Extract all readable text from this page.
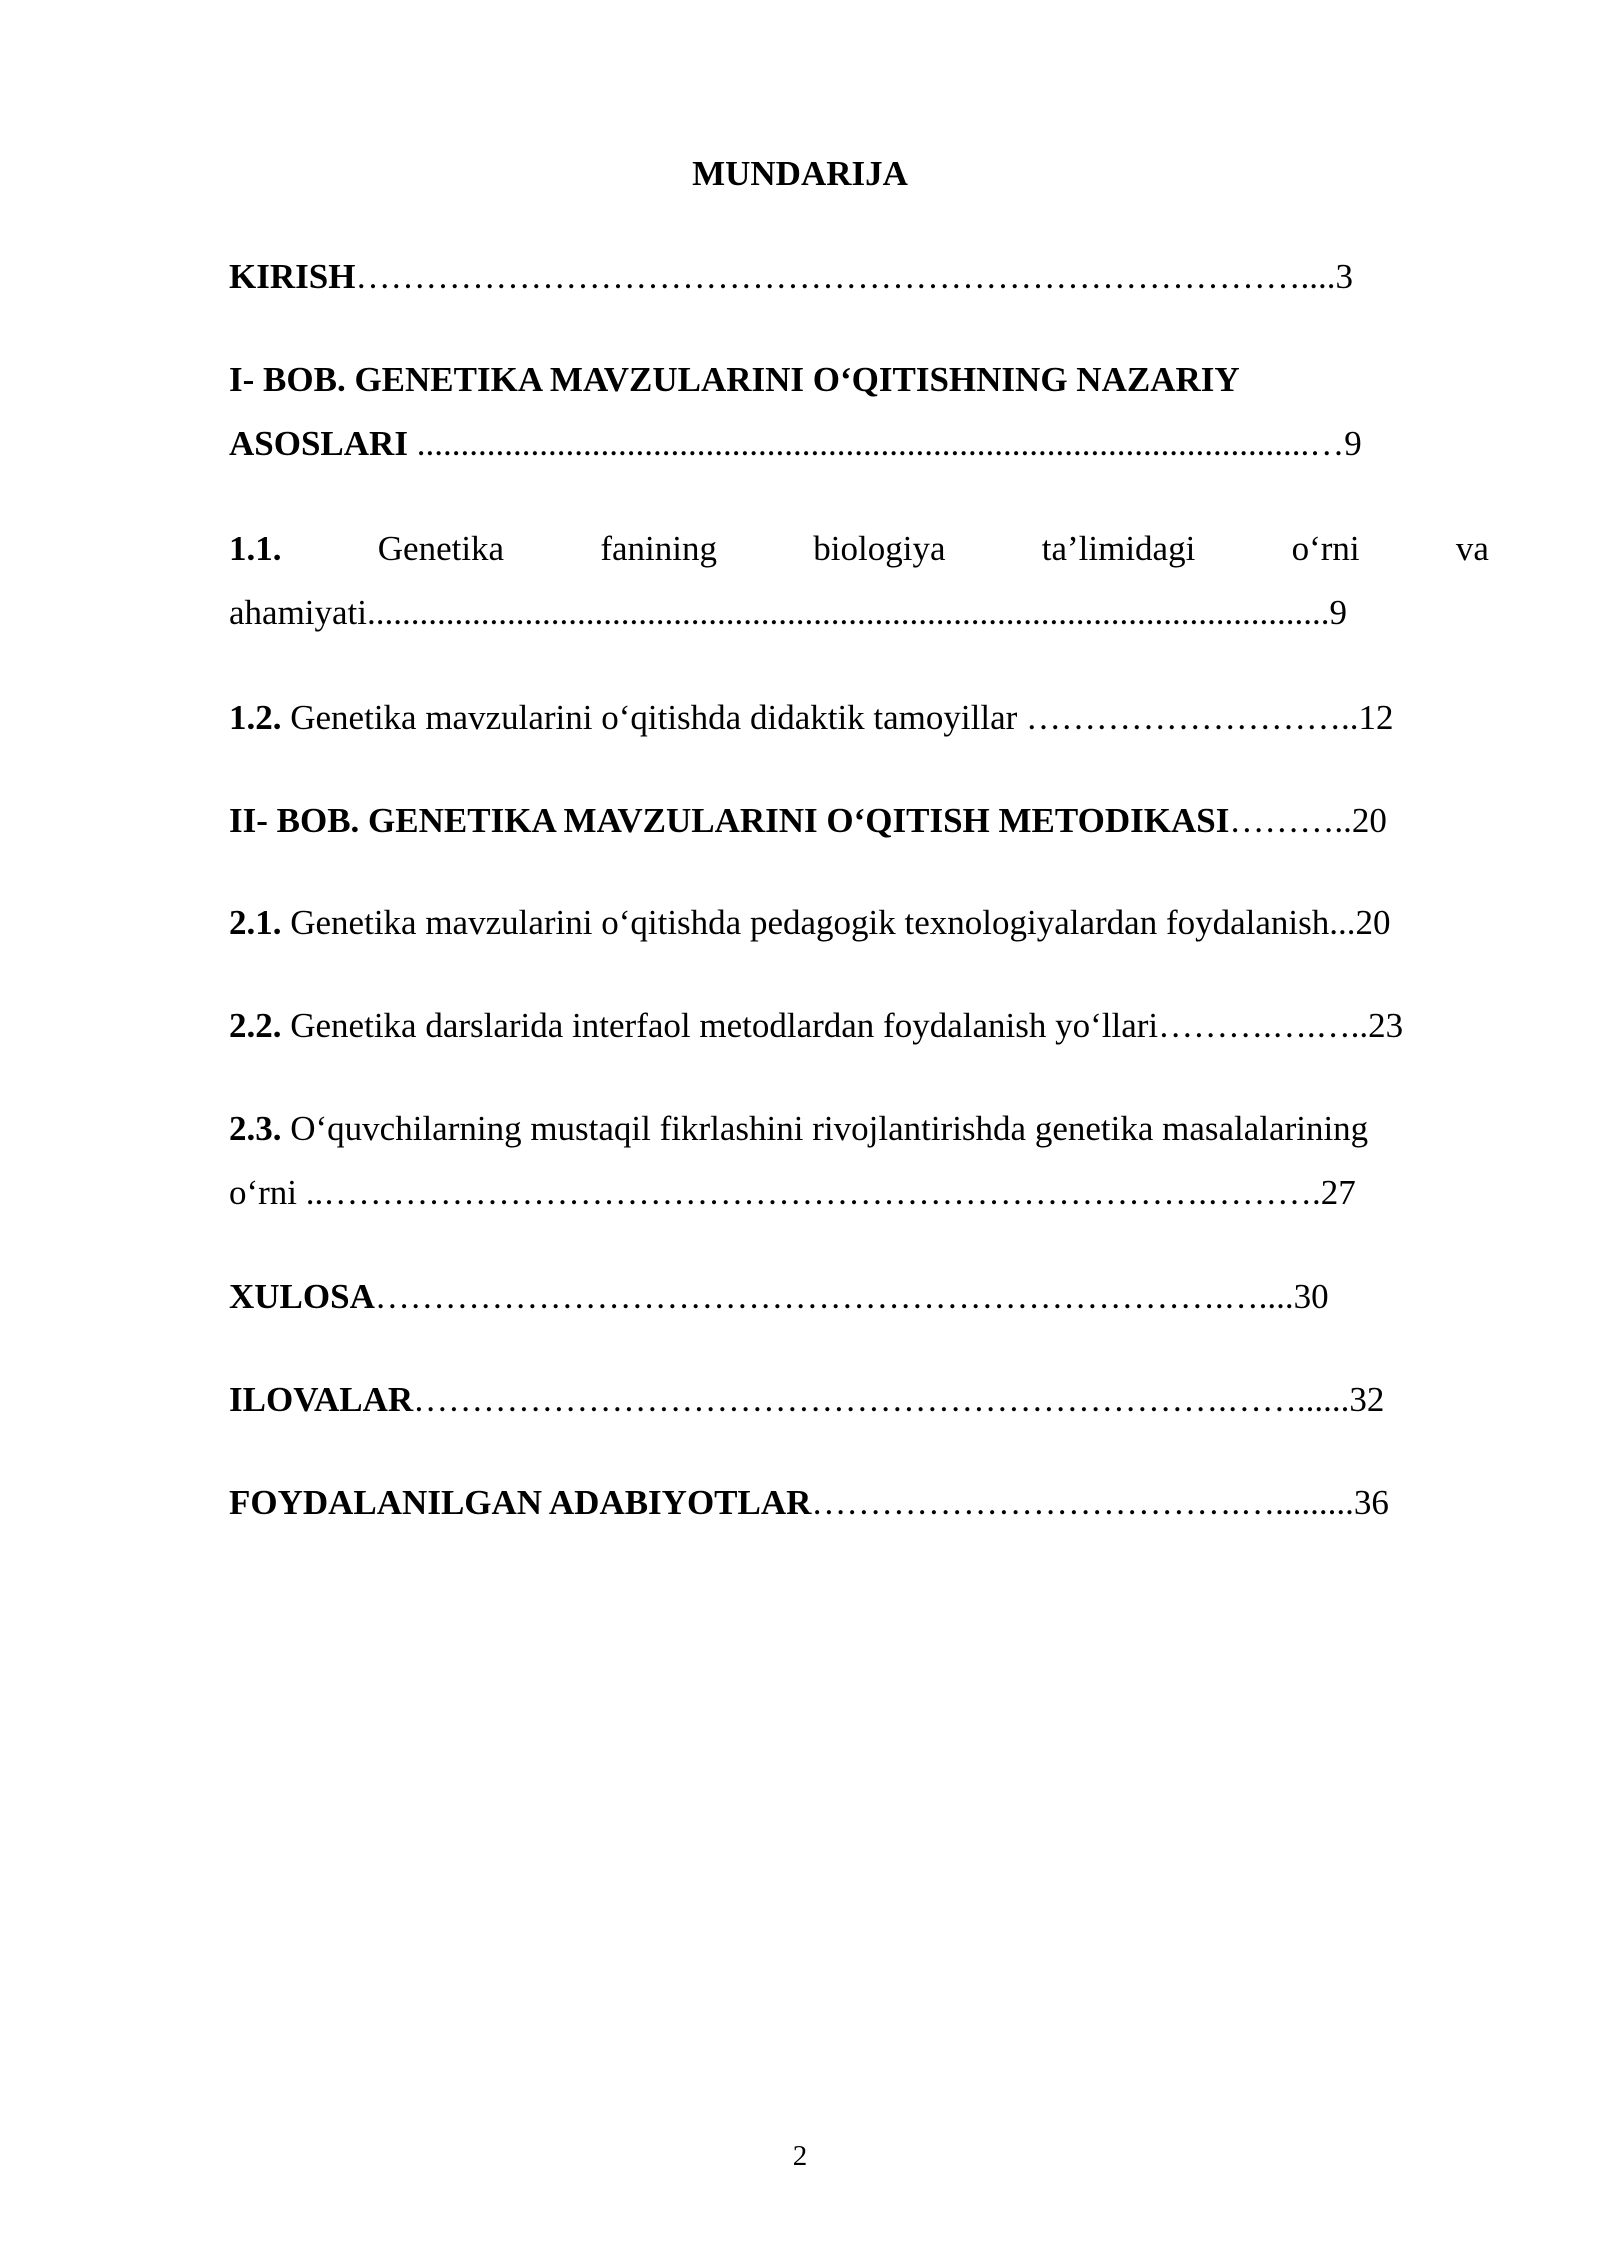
MUNDARIJA
KIRISH………………………………………………………………………....3
I- BOB. GENETIKA MAVZULARINI O‘QITISHNING NAZARIY
ASOSLARI ......................................................................................................…9
1.1.	Genetika	fanining	biologiya	ta’limidagi	o‘rni	va
ahamiyati..............................................................................................................9
1.2. Genetika mavzularini o‘qitishda didaktik tamoyillar ………………………..12
II- BOB. GENETIKA MAVZULARINI O‘QITISH METODIKASI………..20
2.1. Genetika mavzularini o‘qitishda pedagogik texnologiyalardan foydalanish...20
2.2. Genetika darslarida interfaol metodlardan foydalanish yo‘llari……….….…..23
2.3. O‘quvchilarning mustaqil fikrlashini rivojlantirishda genetika masalalarining
o‘rni ..………………………………………………………………….……….27
XULOSA……………………………………………………………….…....30
ILOVALAR…………………………………………………………….……......32
FOYDALANILGAN ADABIYOTLAR……………………………….….........36
2
